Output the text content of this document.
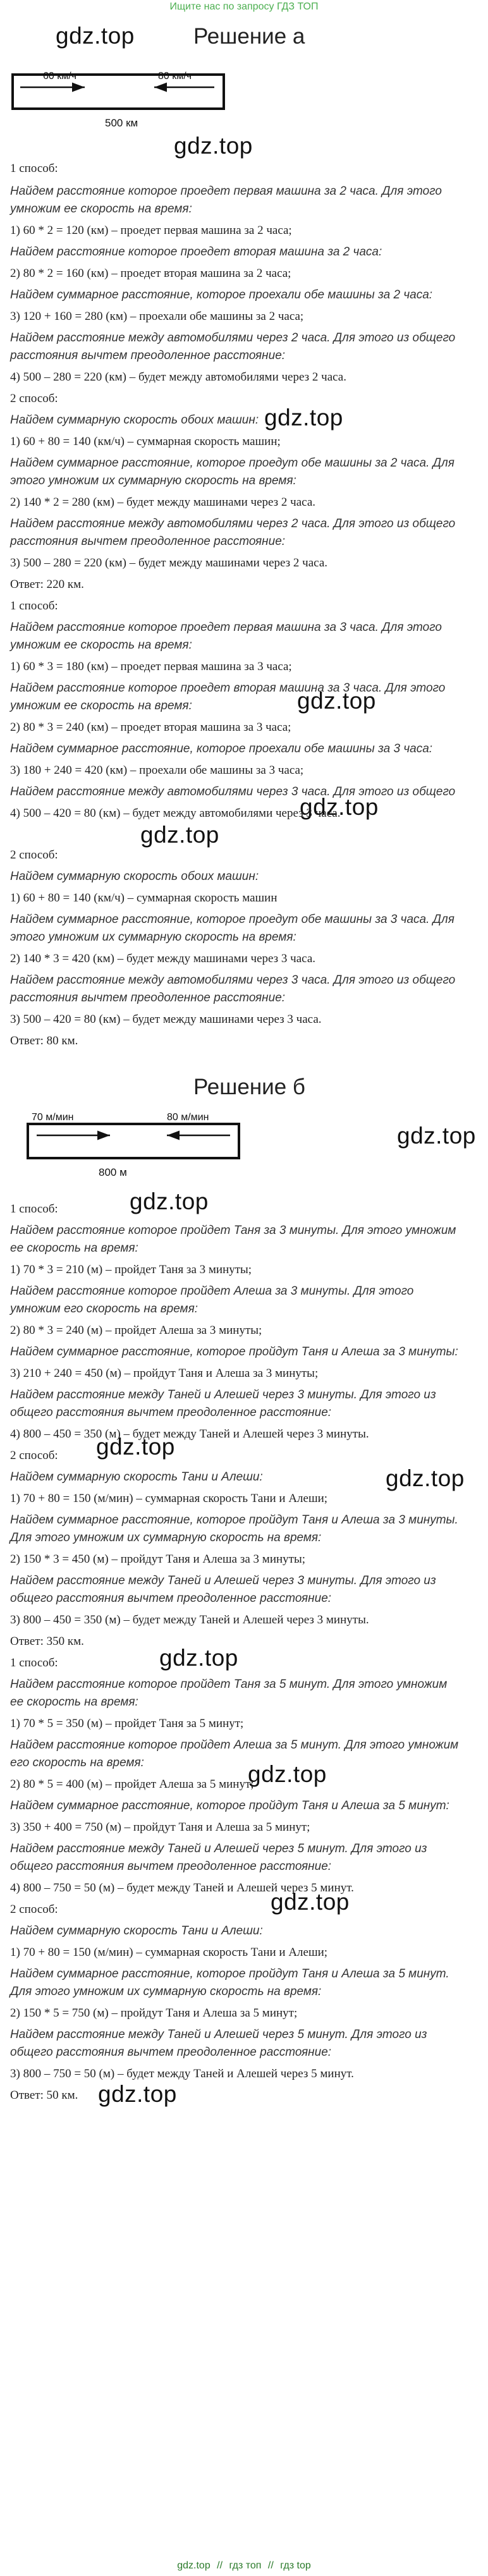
Ищите нас по запросу ГДЗ ТОП
gdz.top	Решение а
60 км/ч	80 км/ч
500 км
gdz.top
1 способ:
Найдем расстояние которое проедет первая машина за 2 часа. Для этого
умножим ее скорость на время:
1) 60 * 2 = 120 (км) – проедет первая машина за 2 часа;
Найдем расстояние которое проедет вторая машина за 2 часа:
2) 80 * 2 = 160 (км) – проедет вторая машина за 2 часа;
Найдем суммарное расстояние, которое проехали обе машины за 2 часа:
3) 120 + 160 = 280 (км) – проехали обе машины за 2 часа;
Найдем расстояние между автомобилями через 2 часа. Для этого из общего
расстояния вычтем преодоленное расстояние:
4) 500 – 280 = 220 (км) – будет между автомобилями через 2 часа.
2 способ:
Найдем суммарную скорость обоих машин: gdz.top
1) 60 + 80 = 140 (км/ч) – суммарная скорость машин;
Найдем суммарное расстояние, которое проедут обе машины за 2 часа. Для
этого умножим их суммарную скорость на время:
2) 140 * 2 = 280 (км) – будет между машинами через 2 часа.
Найдем расстояние между автомобилями через 2 часа. Для этого из общего
расстояния вычтем преодоленное расстояние:
3) 500 – 280 = 220 (км) – будет между машинами через 2 часа.
Ответ: 220 км.
1 способ:
Найдем расстояние которое проедет первая машина за 3 часа. Для этого
умножим ее скорость на время:
1) 60 * 3 = 180 (км) – проедет первая машина за 3 часа;
Найдем расстояние которое проедет вторая машина за 3 часа. Для этого
умножим ее скорость на время:	gdz.top
2) 80 * 3 = 240 (км) – проедет вторая машина за 3 часа;
Найдем суммарное расстояние, которое проехали обе машины за 3 часа:
3) 180 + 240 = 420 (км) – проехали обе машины за 3 часа;
Найдем расстояние между автомобилями через 3 часа. Для этого из общего
gdz.top
4) 500 – 420 = 80 (км) – будет между автомобилями через 3 часа.
gdz.top
2 способ:
Найдем суммарную скорость обоих машин:
1) 60 + 80 = 140 (км/ч) – суммарная скорость машин
Найдем суммарное расстояние, которое проедут обе машины за 3 часа. Для
этого умножим их суммарную скорость на время:
2) 140 * 3 = 420 (км) – будет между машинами через 3 часа.
Найдем расстояние между автомобилями через 3 часа. Для этого из общего
расстояния вычтем преодоленное расстояние:
3) 500 – 420 = 80 (км) – будет между машинами через 3 часа.
Ответ: 80 км.
Решение б
70 м/мин	80 м/мин
800 м
gdz.top
1 способ:	gdz.top
Найдем расстояние которое пройдет Таня за 3 минуты. Для этого умножим
ее скорость на время:
1) 70 * 3 = 210 (м) – пройдет Таня за 3 минуты;
Найдем расстояние которое пройдет Алеша за 3 минуты. Для этого
умножим его скорость на время:
2) 80 * 3 = 240 (м) – пройдет Алеша за 3 минуты;
Найдем суммарное расстояние, которое пройдут Таня и Алеша за 3 минуты:
3) 210 + 240 = 450 (м) – пройдут Таня и Алеша за 3 минуты;
Найдем расстояние между Таней и Алешей через 3 минуты. Для этого из
общего расстояния вычтем преодоленное расстояние:
4) 800 – 450 = 350 (м) – будет между Таней и Алешей через 3 минуты.
2 способ:	gdz.top
Найдем суммарную скорость Тани и Алеши:	gdz.top
1) 70 + 80 = 150 (м/мин) – суммарная скорость Тани и Алеши;
Найдем суммарное расстояние, которое пройдут Таня и Алеша за 3 минуты.
Для этого умножим их суммарную скорость на время:
2) 150 * 3 = 450 (м) – пройдут Таня и Алеша за 3 минуты;
Найдем расстояние между Таней и Алешей через 3 минуты. Для этого из
общего расстояния вычтем преодоленное расстояние:
3) 800 – 450 = 350 (м) – будет между Таней и Алешей через 3 минуты.
Ответ: 350 км.
1 способ:	gdz.top
Найдем расстояние которое пройдет Таня за 5 минут. Для этого умножим
ее скорость на время:
1) 70 * 5 = 350 (м) – пройдет Таня за 5 минут;
Найдем расстояние которое пройдет Алеша за 5 минут. Для этого умножим
его скорость на время:	gdz.top
2) 80 * 5 = 400 (м) – пройдет Алеша за 5 минут;
Найдем суммарное расстояние, которое пройдут Таня и Алеша за 5 минут:
3) 350 + 400 = 750 (м) – пройдут Таня и Алеша за 5 минут;
Найдем расстояние между Таней и Алешей через 5 минут. Для этого из
общего расстояния вычтем преодоленное расстояние:
4) 800 – 750 = 50 (м) – будет между Таней и Алешей через 5 минут.
gdz.top
2 способ:
Найдем суммарную скорость Тани и Алеши:
1) 70 + 80 = 150 (м/мин) – суммарная скорость Тани и Алеши;
Найдем суммарное расстояние, которое пройдут Таня и Алеша за 5 минут.
Для этого умножим их суммарную скорость на время:
2) 150 * 5 = 750 (м) – пройдут Таня и Алеша за 5 минут;
Найдем расстояние между Таней и Алешей через 5 минут. Для этого из
общего расстояния вычтем преодоленное расстояние:
3) 800 – 750 = 50 (м) – будет между Таней и Алешей через 5 минут.
Ответ: 50 км. gdz.top
gdz.top // гдз топ // гдз top
